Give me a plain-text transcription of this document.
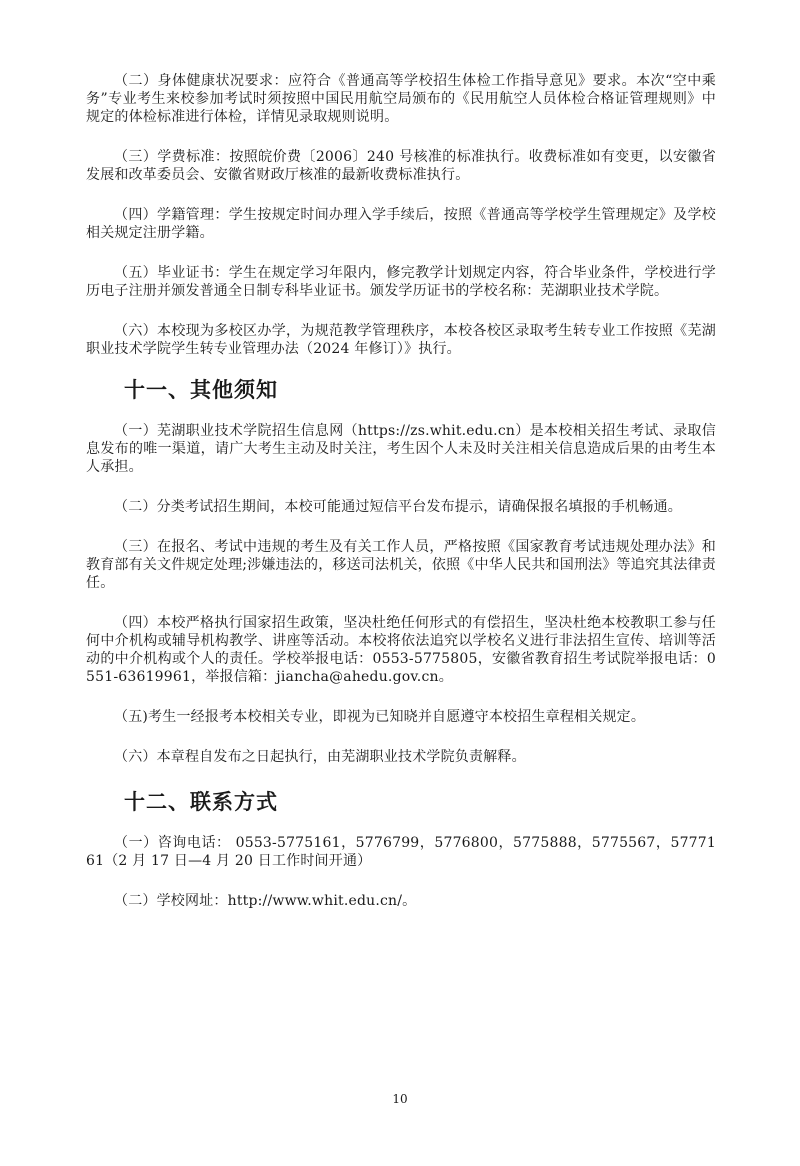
（二）身体健康状况要求：应符合《普通高等学校招生体检工作指导意见》要求。本次“空中乘务”专业考生来校参加考试时须按照中国民用航空局颁布的《民用航空人员体检合格证管理规则》中规定的体检标准进行体检，详情见录取规则说明。

（三）学费标准：按照皖价费〔2006〕240 号核准的标准执行。收费标准如有变更，以安徽省发展和改革委员会、安徽省财政厅核准的最新收费标准执行。

（四）学籍管理：学生按规定时间办理入学手续后，按照《普通高等学校学生管理规定》及学校相关规定注册学籍。

（五）毕业证书：学生在规定学习年限内，修完教学计划规定内容，符合毕业条件，学校进行学历电子注册并颁发普通全日制专科毕业证书。颁发学历证书的学校名称：芜湖职业技术学院。

（六）本校现为多校区办学，为规范教学管理秩序，本校各校区录取考生转专业工作按照《芜湖职业技术学院学生转专业管理办法（2024 年修订）》执行。

十一、其他须知

（一）芜湖职业技术学院招生信息网（https://zs.whit.edu.cn）是本校相关招生考试、录取信息发布的唯一渠道，请广大考生主动及时关注，考生因个人未及时关注相关信息造成后果的由考生本人承担。

（二）分类考试招生期间，本校可能通过短信平台发布提示，请确保报名填报的手机畅通。

（三）在报名、考试中违规的考生及有关工作人员，严格按照《国家教育考试违规处理办法》和教育部有关文件规定处理;涉嫌违法的，移送司法机关，依照《中华人民共和国刑法》等追究其法律责任。

（四）本校严格执行国家招生政策，坚决杜绝任何形式的有偿招生，坚决杜绝本校教职工参与任何中介机构或辅导机构教学、讲座等活动。本校将依法追究以学校名义进行非法招生宣传、培训等活动的中介机构或个人的责任。学校举报电话：0553-5775805，安徽省教育招生考试院举报电话：0551-63619961，举报信箱：jiancha@ahedu.gov.cn。

（五)考生一经报考本校相关专业，即视为已知晓并自愿遵守本校招生章程相关规定。

（六）本章程自发布之日起执行，由芜湖职业技术学院负责解释。

十二、联系方式

（一）咨询电话： 0553-5775161，5776799，5776800，5775888，5775567，5777161（2 月 17 日—4 月 20 日工作时间开通）

（二）学校网址：http://www.whit.edu.cn/。

10
